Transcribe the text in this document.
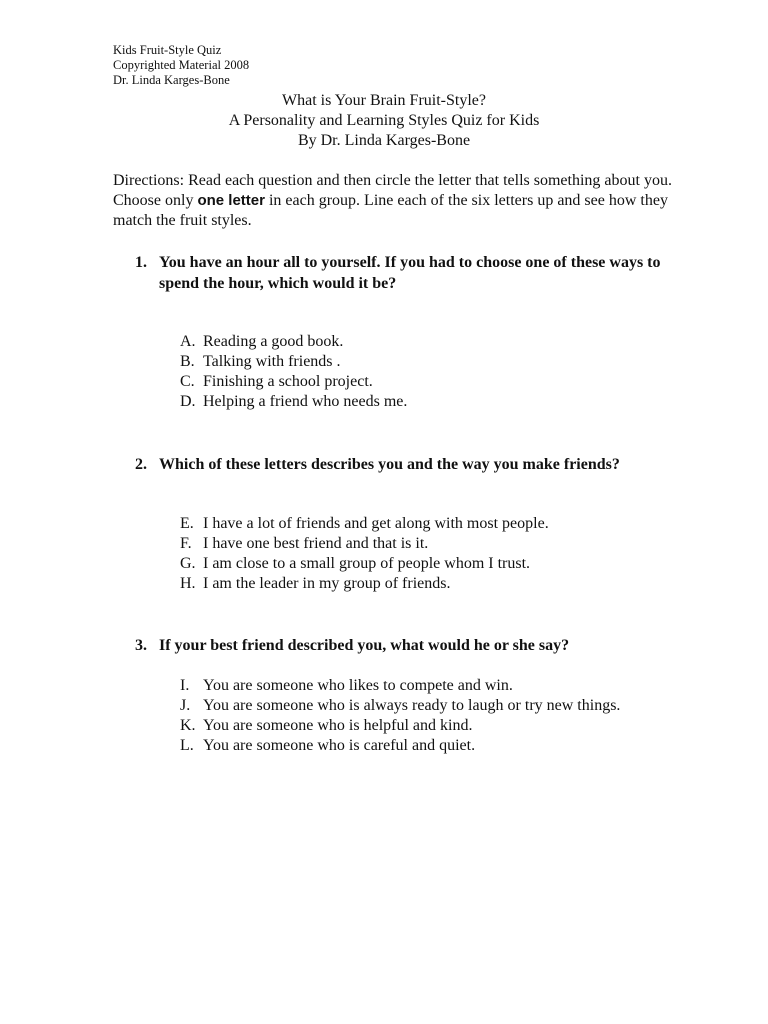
Kids Fruit-Style Quiz
Copyrighted Material 2008
Dr. Linda Karges-Bone
What is Your Brain Fruit-Style?
A Personality and Learning Styles Quiz for Kids
By Dr. Linda Karges-Bone
Directions: Read each question and then circle the letter that tells something about you. Choose only one letter in each group. Line each of the six letters up and see how they match the fruit styles.
1. You have an hour all to yourself. If you had to choose one of these ways to spend the hour, which would it be?
A. Reading a good book.
B. Talking with friends .
C. Finishing a school project.
D. Helping a friend who needs me.
2. Which of these letters describes you and the way you make friends?
E. I have a lot of friends and get along with most people.
F. I have one best friend and that is it.
G. I am close to a small group of people whom I trust.
H. I am the leader in my group of friends.
3. If your best friend described you, what would he or she say?
I. You are someone who likes to compete and win.
J. You are someone who is always ready to laugh or try new things.
K. You are someone who is helpful and kind.
L. You are someone who is careful and quiet.
